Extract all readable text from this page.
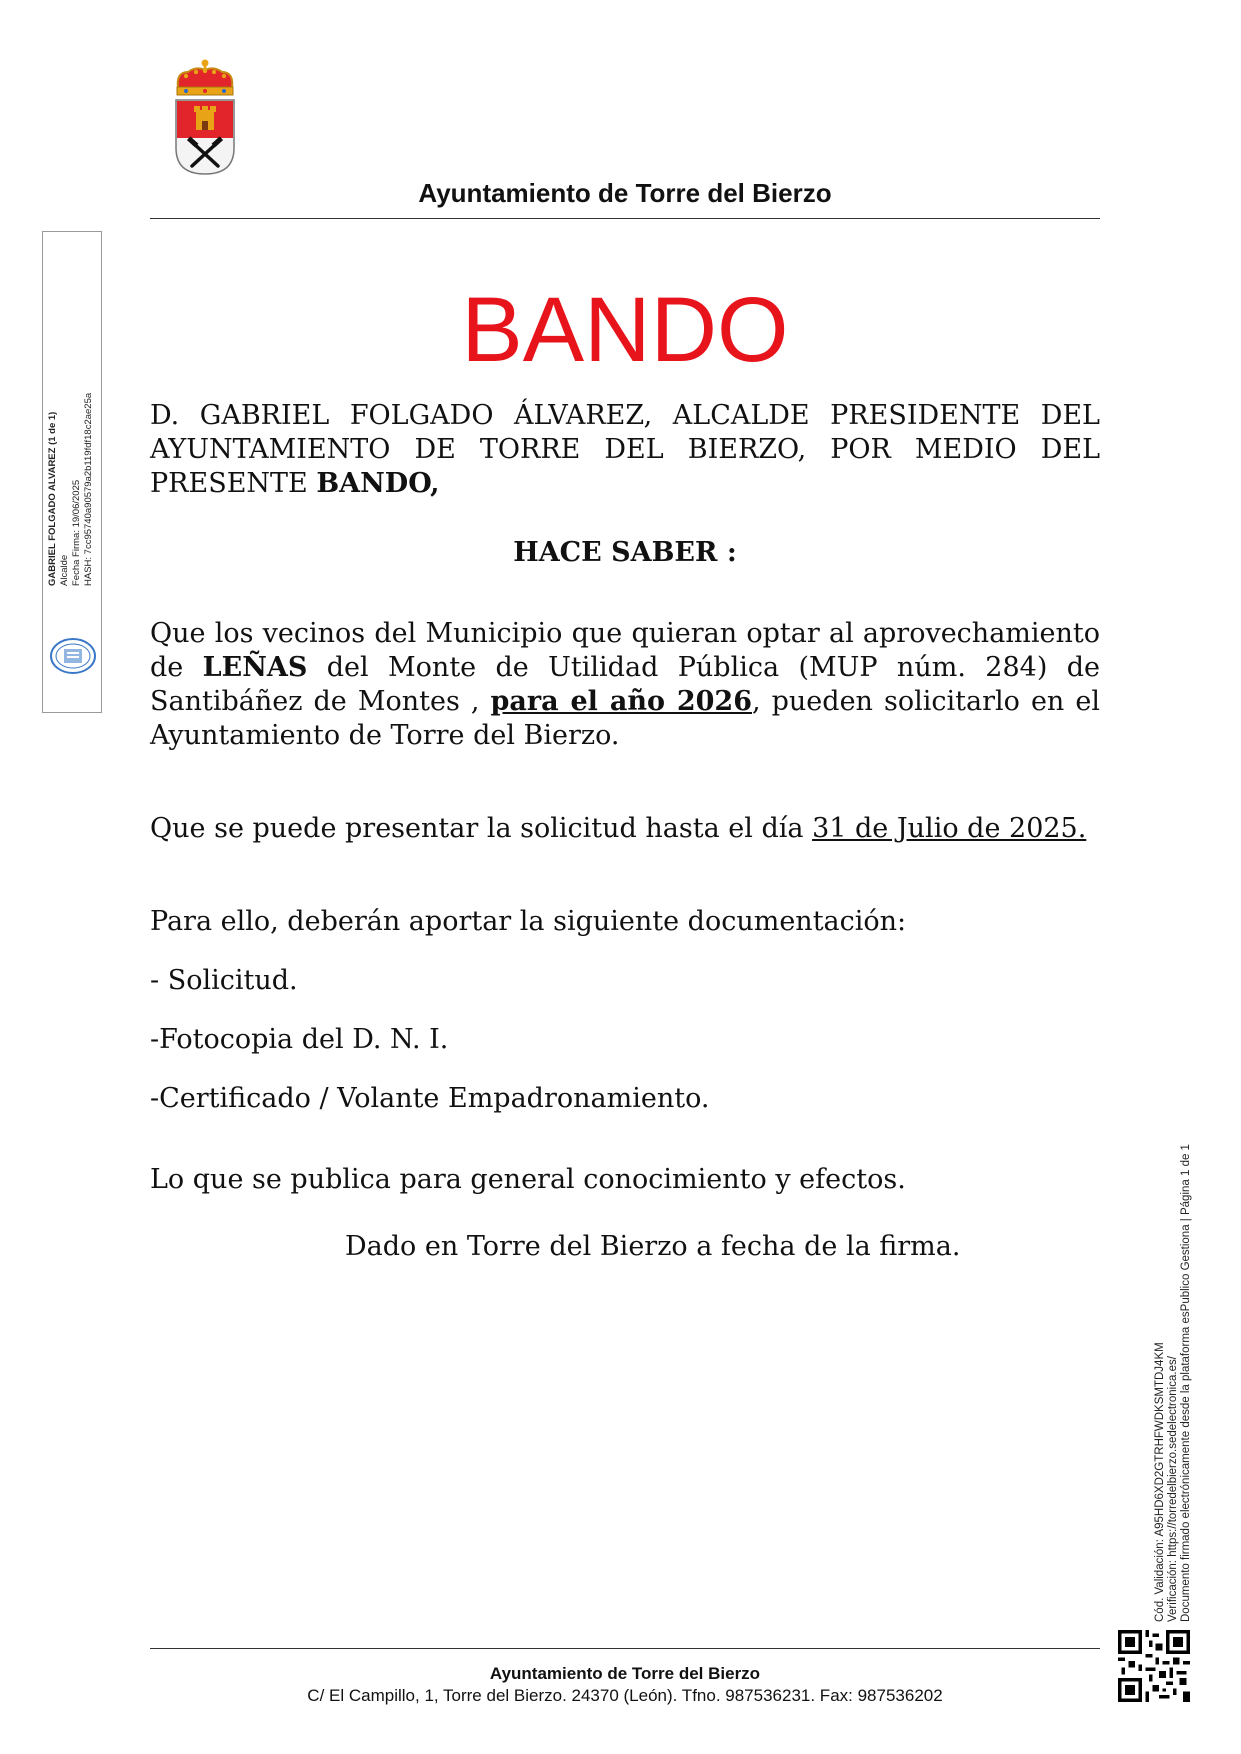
Ayuntamiento de Torre del Bierzo
GABRIEL FOLGADO ALVAREZ (1 de 1) Alcalde Fecha Firma: 19/06/2025 HASH: 7cc95740a90579a2b119fdf18c2ae25a
BANDO
D. GABRIEL FOLGADO ÁLVAREZ, ALCALDE PRESIDENTE DEL AYUNTAMIENTO DE TORRE DEL BIERZO, POR MEDIO DEL PRESENTE BANDO,
HACE SABER :
Que los vecinos del Municipio que quieran optar al aprovechamiento de LEÑAS del Monte de Utilidad Pública (MUP núm. 284) de Santibáñez de Montes , para el año 2026, pueden solicitarlo en el Ayuntamiento de Torre del Bierzo.
Que se puede presentar la solicitud hasta el día 31 de Julio de 2025.
Para ello, deberán aportar la siguiente documentación:
- Solicitud.
-Fotocopia del D. N. I.
-Certificado / Volante Empadronamiento.
Lo que se publica para general conocimiento y efectos.
Dado en Torre del Bierzo a fecha de la firma.
Cód. Validación: A95HD6XD2GTRHFWDKSMTDJ4KM Verificación: https://torredelbierzo.sedelectronica.es/ Documento firmado electrónicamente desde la plataforma esPublico Gestiona | Página 1 de 1
Ayuntamiento de Torre del Bierzo
C/ El Campillo, 1, Torre del Bierzo. 24370 (León). Tfno. 987536231. Fax: 987536202
